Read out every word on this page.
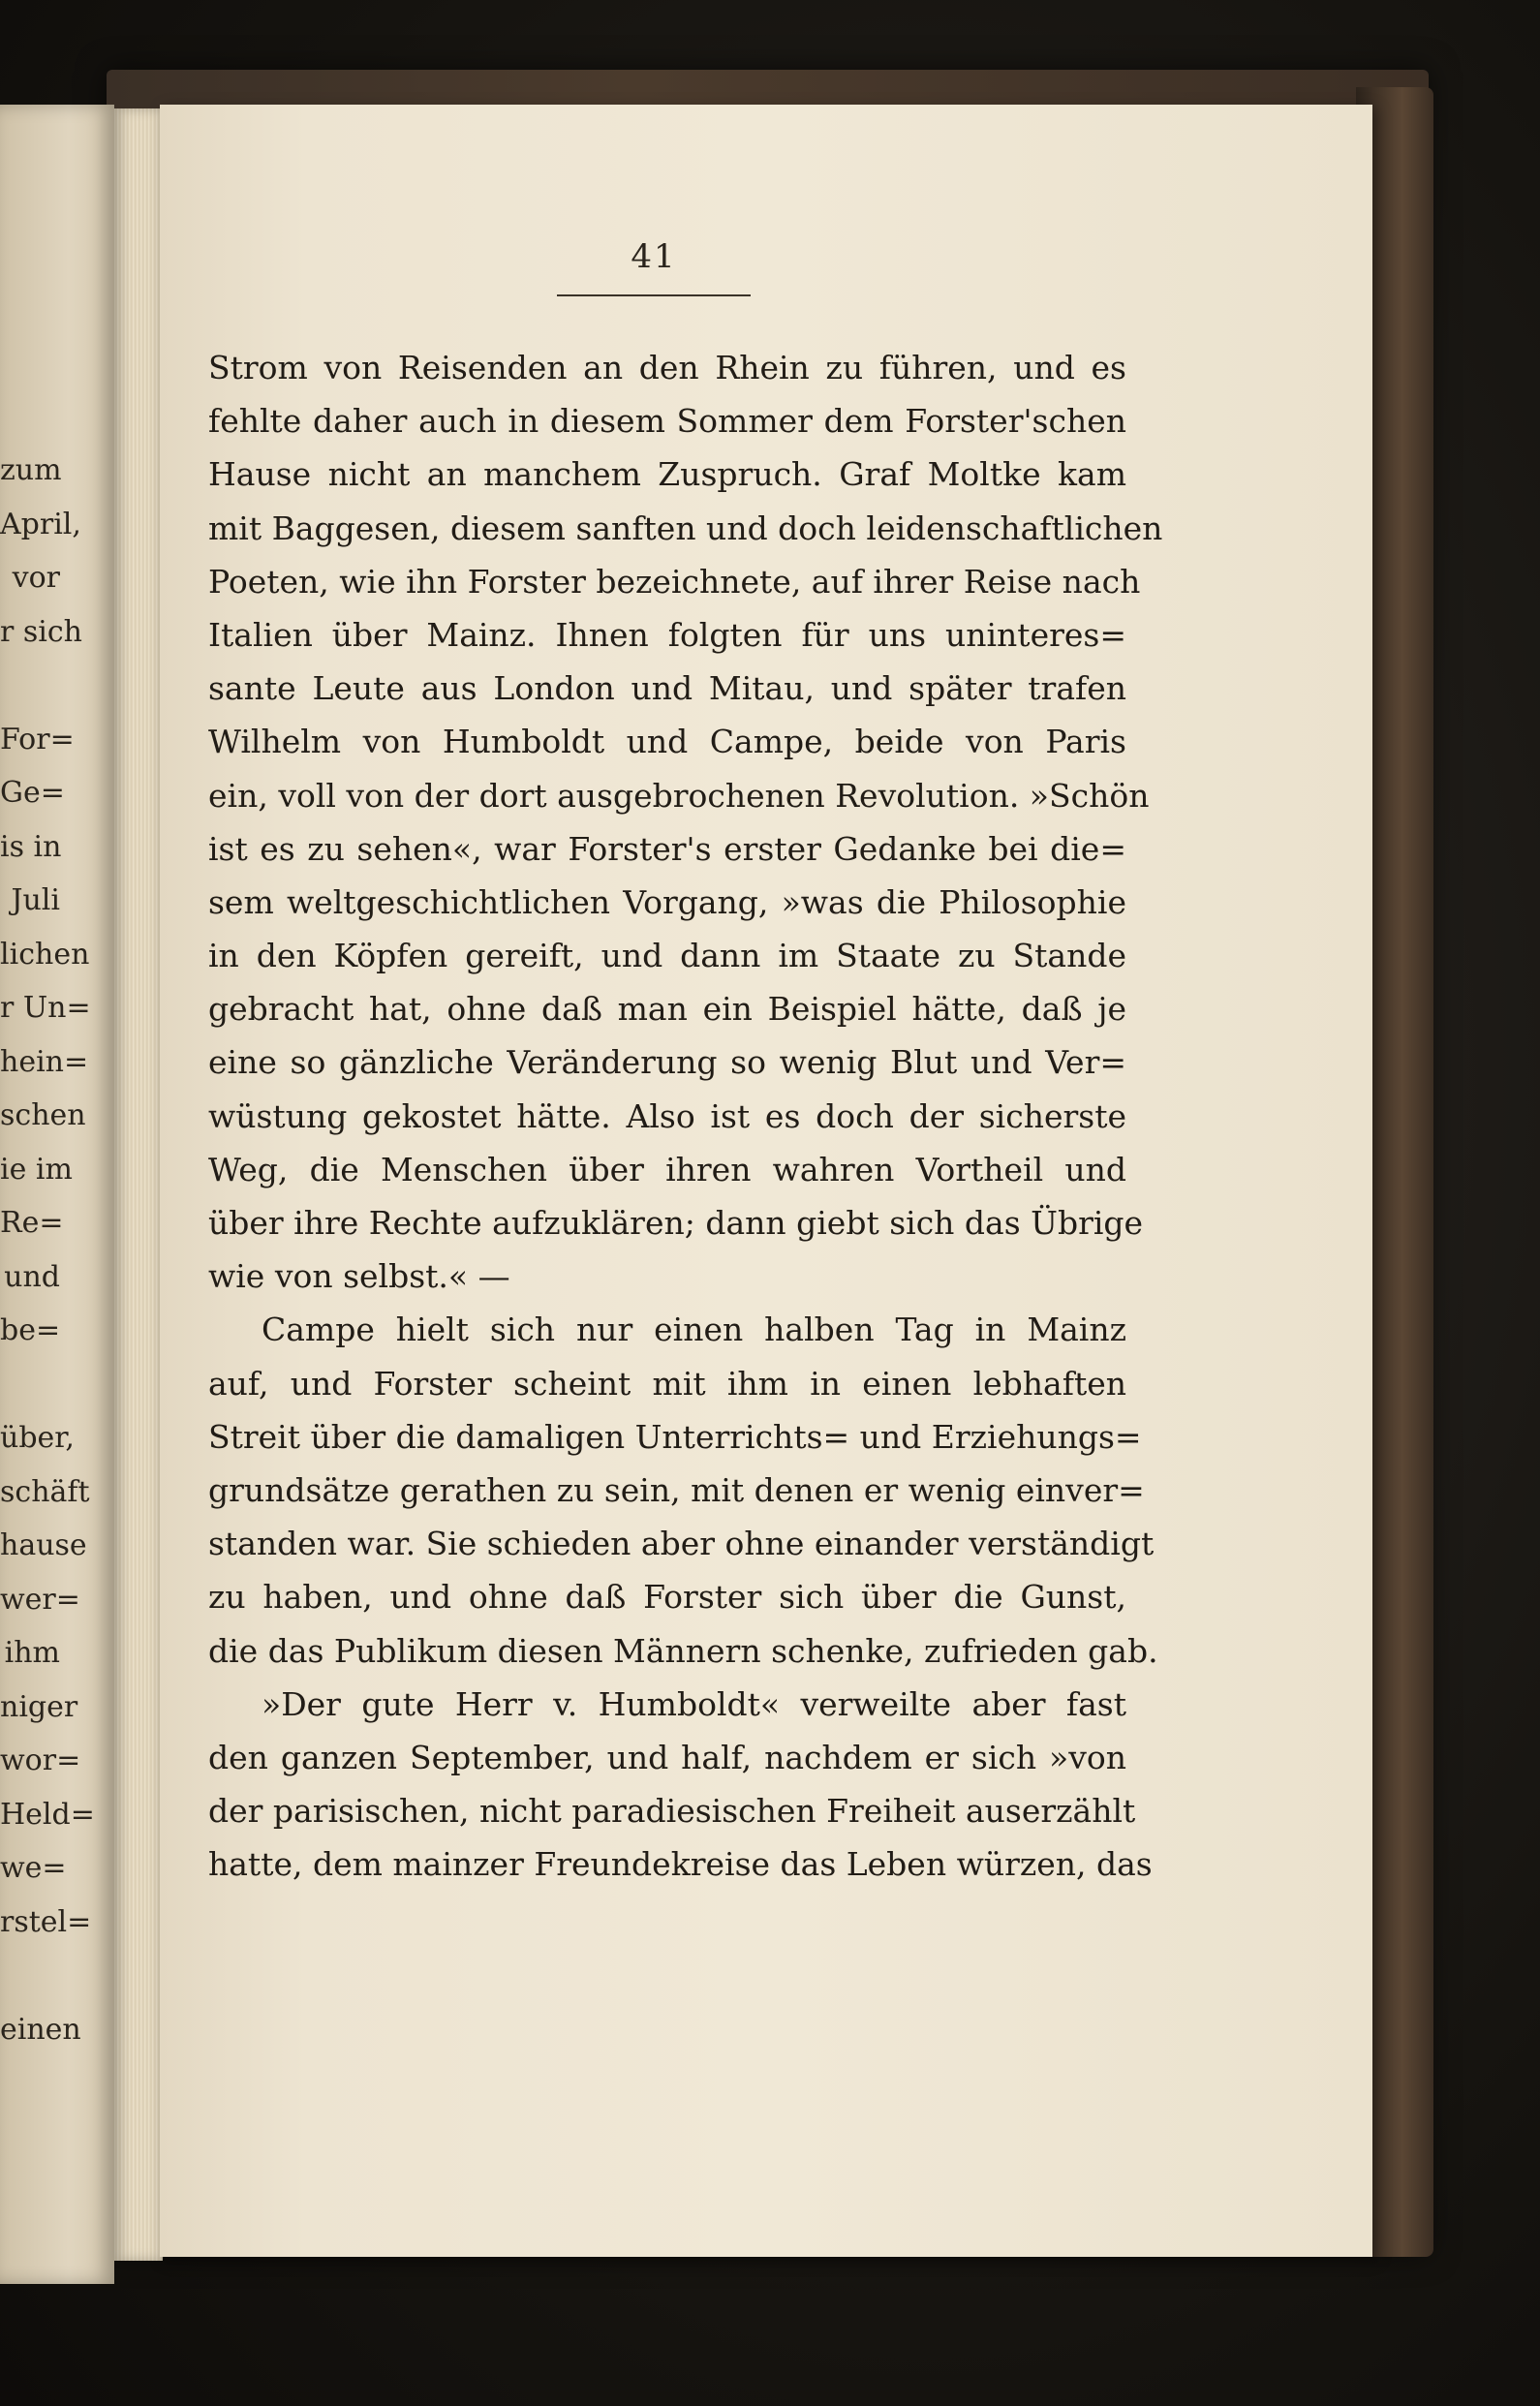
zum
April,
vor
r sich
For=
Ge=
is in
Juli
lichen
r Un=
hein=
schen
ie im
Re=
und
be=
über,
schäft
hause
wer=
ihm
niger
wor=
Held=
we=
rstel=
einen
41
Strom von Reisenden an den Rhein zu führen, und es
fehlte daher auch in diesem Sommer dem Forster'schen
Hause nicht an manchem Zuspruch. Graf Moltke kam
mit Baggesen, diesem sanften und doch leidenschaftlichen
Poeten, wie ihn Forster bezeichnete, auf ihrer Reise nach
Italien über Mainz. Ihnen folgten für uns uninteres=
sante Leute aus London und Mitau, und später trafen
Wilhelm von Humboldt und Campe, beide von Paris
ein, voll von der dort ausgebrochenen Revolution. »Schön
ist es zu sehen«, war Forster's erster Gedanke bei die=
sem weltgeschichtlichen Vorgang, »was die Philosophie
in den Köpfen gereift, und dann im Staate zu Stande
gebracht hat, ohne daß man ein Beispiel hätte, daß je
eine so gänzliche Veränderung so wenig Blut und Ver=
wüstung gekostet hätte. Also ist es doch der sicherste
Weg, die Menschen über ihren wahren Vortheil und
über ihre Rechte aufzuklären; dann giebt sich das Übrige
wie von selbst.« —
Campe hielt sich nur einen halben Tag in Mainz
auf, und Forster scheint mit ihm in einen lebhaften
Streit über die damaligen Unterrichts= und Erziehungs=
grundsätze gerathen zu sein, mit denen er wenig einver=
standen war. Sie schieden aber ohne einander verständigt
zu haben, und ohne daß Forster sich über die Gunst,
die das Publikum diesen Männern schenke, zufrieden gab.
»Der gute Herr v. Humboldt« verweilte aber fast
den ganzen September, und half, nachdem er sich »von
der parisischen, nicht paradiesischen Freiheit auserzählt
hatte, dem mainzer Freundekreise das Leben würzen, das
